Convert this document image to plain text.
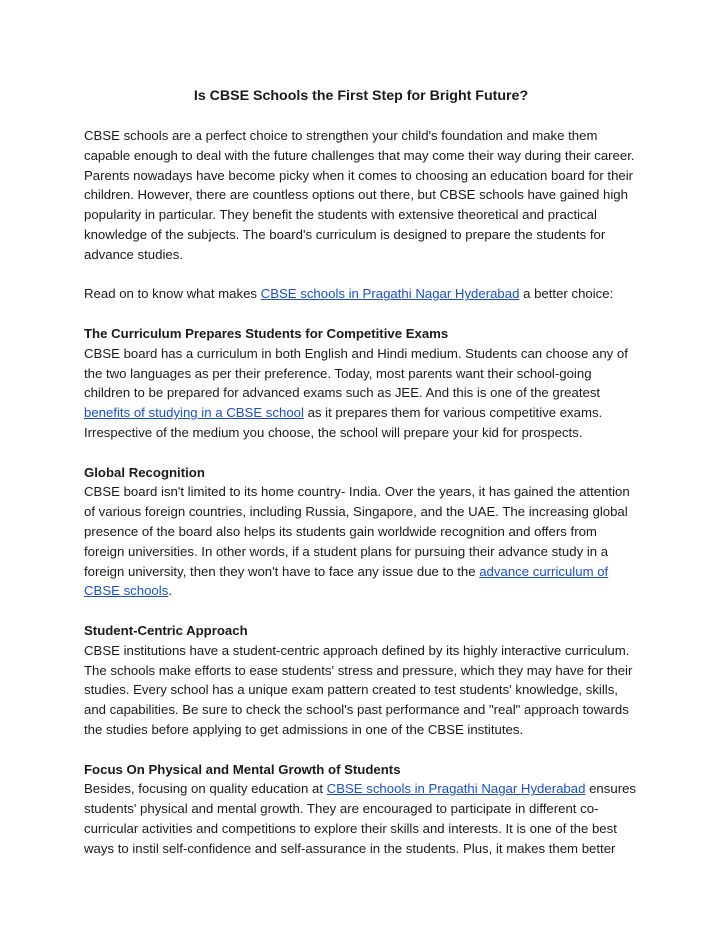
Is CBSE Schools the First Step for Bright Future?

CBSE schools are a perfect choice to strengthen your child's foundation and make them capable enough to deal with the future challenges that may come their way during their career. Parents nowadays have become picky when it comes to choosing an education board for their children. However, there are countless options out there, but CBSE schools have gained high popularity in particular. They benefit the students with extensive theoretical and practical knowledge of the subjects. The board's curriculum is designed to prepare the students for advance studies.

Read on to know what makes CBSE schools in Pragathi Nagar Hyderabad a better choice:

The Curriculum Prepares Students for Competitive Exams

CBSE board has a curriculum in both English and Hindi medium. Students can choose any of the two languages as per their preference. Today, most parents want their school-going children to be prepared for advanced exams such as JEE. And this is one of the greatest benefits of studying in a CBSE school as it prepares them for various competitive exams. Irrespective of the medium you choose, the school will prepare your kid for prospects.

Global Recognition

CBSE board isn't limited to its home country- India. Over the years, it has gained the attention of various foreign countries, including Russia, Singapore, and the UAE. The increasing global presence of the board also helps its students gain worldwide recognition and offers from foreign universities. In other words, if a student plans for pursuing their advance study in a foreign university, then they won't have to face any issue due to the advance curriculum of CBSE schools.

Student-Centric Approach

CBSE institutions have a student-centric approach defined by its highly interactive curriculum. The schools make efforts to ease students' stress and pressure, which they may have for their studies. Every school has a unique exam pattern created to test students' knowledge, skills, and capabilities. Be sure to check the school's past performance and "real" approach towards the studies before applying to get admissions in one of the CBSE institutes.

Focus On Physical and Mental Growth of Students

Besides, focusing on quality education at CBSE schools in Pragathi Nagar Hyderabad ensures students' physical and mental growth. They are encouraged to participate in different co-curricular activities and competitions to explore their skills and interests. It is one of the best ways to instil self-confidence and self-assurance in the students. Plus, it makes them better
